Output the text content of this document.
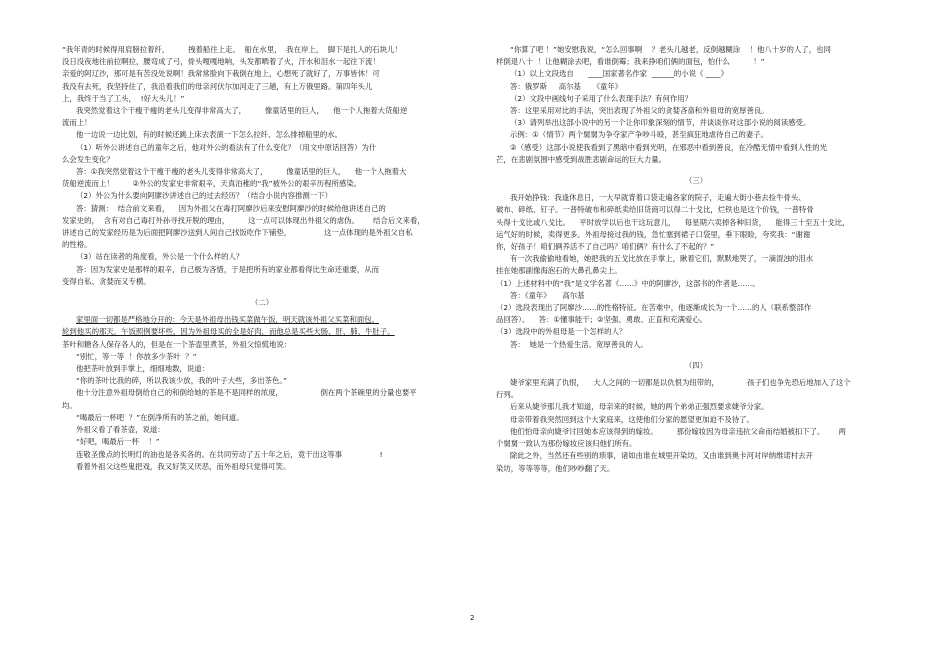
“我年青的时候得用肩膀拉着纤，        拽着船往上走。  船在水里，  我在岸上，  脚下是扎人的石块儿！

没日没夜地往前拉啊拉，腰弯成了弓，骨头嘎嘎地响，头发都晒着了火，汗水和泪水一起往下流！

亲爱的阿辽沙，那可是有苦没处说啊！我常常脸向下栽倒在地上，心想死了就好了，万事皆休！可

我没有去死，我坚持住了，我沿着我们的母亲河伏尔加河走了三趟，有上万俄里路。第四年头儿

上，我终于当了工头，  !好大头儿！”

我突然觉着这个干瘦干瘦的老头儿变得非常高大了，        像童话里的巨人，    他一个人拖着大货船逆

流而上！

他一边说一边比划，有的时候还跳上床去表演一下怎么拉纤、怎么排掉船里的水。

（1）听外公讲述自己的童年之后，他对外公的看法有了什么变化？（用文中原话回答）为什

么会发生变化？

答：①我突然觉着这个干瘦干瘦的老头儿变得非常高大了，        像童话里的巨人，    他一个人拖着大

货船逆流而上！        ②外公的发家史非常艰辛，天真泊稚的“我”被外公的艰辛历程所感染。

（2）外公为什么要向阿廖沙讲述自己的过去经历？（结合小说内容推测一下）

答：猜测：  结合前文来看，    因为外祖父在毒打阿廖沙后来安慰阿廖沙的时候给他讲述自己的

发家史的，  含有对自己毒打外孙寻找开脱的理由，        这一点可以体现出外祖父的虐伪。      结合后文来看，

讲述自己的发家经历是为后面把阿廖沙送到人间自己找饭吃作下铺垫，              这一点体现的是外祖父自私

的性格。

（3）站在读者的角度看，外公是一个什么样的人？

答：因为发家史是那样的艰辛，自己极为吝惜，于是把所有的家业都看得比生命还重要，从而

变得自私、贪婪而又专横。

（二）

家里面一切都是严格地分开的：今天是外祖母出钱买菜做午饭，明天就该外祖父买菜和面包。

轮到他买的那天，午饭照例要坏些，因为外祖母买的全是好肉，而他总是买些大肠、肝、肺、牛肚子。

茶叶和糖各人保存各人的，但是在一个茶壶里煮茶，外祖父惊慌地说：

“别忙，等一等  ！你放多少茶叶  ？”

他把茶叶放到手掌上，细细地数，说道：

“你的茶叶比我的碎，所以我该少放，我的叶子大些，多出茶色。”

他十分注意外祖母倒给自己的和倒给她的茶是不是同样的浓度，                倒在两个茶碗里的分量也要平

均。

“喝最后一杯吧  ？”在倒净所有的茶之前，她问道。

外祖父看了看茶壶，说道：

“好吧，喝最后一杯    ！”

连敬圣像点的长明灯的油也是各买各的。在共同劳动了五十年之后，竟干出这等事                !

看着外祖父这些鬼把戏，我又好笑又厌恶，而外祖母只觉得可笑。

“你算了吧 ！”她安慰我说，“怎么回事啊    ？老头儿越老，反倒越糊涂    ！他八十岁的人了，也同

样倒退八十  ！让他糊涂去吧，看谁倒霉；我来挣咱们俩的面包，怕什么          ！”

（1）以上文段选自      ____国家著名作家  ______的小说《 ____》

答：俄罗斯     高尔基     《童年》

（2）文段中画线句子采用了什么表现手法？有何作用？

答：这里采用对比的手法，突出表现了外祖父的贪婪吝啬和外祖母的宽厚善良。

（3）请列举出这部小说中的另一个让你印象深刻的情节，并谈谈你对这部小说的阅读感受。

示例：①（情节）两个舅舅为争夺家产争吵斗殴，甚至疯狂地虐待自己的妻子。

②（感受）这部小说使我看到了黑暗中看到光明，在邪恶中看到善良，在冷酷无情中看到人性的光

芒，在悲剧氛围中感受到战胜悲剧命运的巨大力量。

（三）

我开始挣钱：我逢休息日，一大早就背着口袋走遍各家的院子，走遍大街小巷去捡牛骨头、

破布、碎纸、钉子。一普特破布和碎纸卖给旧货商可以得二十戈比，烂铁也是这个价钱，一普特骨

头得十戈比或八戈比。    平时放学以后也干这玩意儿，    每星期六卖掉各种旧货，    能得三十至五十戈比，

运气好的时候，卖得更多。外祖母接过我的钱，急忙塞到裙子口袋里，垂下眼睑，夸奖我：“谢谢

你，好孩子！咱们俩养活不了自己吗？咱们俩？有什么了不起的？”

有一次我偷偷地看她，她把我的五戈比放在手掌上，瞅着它们，默默地哭了，一滴混浊的泪水

挂在她那副像海泡石的大鼻孔鼻尖上。

（1）上述材料中的“我”是文学名著《……》中的阿廖沙，这部书的作者是……。

答：《童年》     高尔基

（2）选段表现出了阿廖沙……的性格特征。在苦难中，他逐渐成长为一个……的人（联系整部作

品回答）。    答：①懂事能干；②坚强、勇敢、正直和充满爱心。

（3）选段中的外祖母是一个怎样的人？

答：  她是一个热爱生活、宽厚善良的人。

（四）

婕爷家里充满了仇恨，    大人之间的一切都是以仇恨为纽带的，            孩子们也争先恐后地加入了这个

行列。

后来从婕爷那儿我才知道，母亲来的时候，她的两个弟弟正强烈要求婕爷分家。

母亲带着我突然回到这个大家庭来，这使他们分家的愿望更加迫不及待了。

他们怕母亲向婕爷讨回她本应该得到的嫁妆。        那份嫁妆因为母亲违抗父命而结婚被扣下了。      两

个舅舅一致认为那份嫁妆应该归他们所有。

除此之外，当然还有些别的琐事，诸如由谁在城里开染坊，又由谁到奥卡河对岸纳维诺村去开

染坊，等等等等，他们吵吵翻了天。

2
